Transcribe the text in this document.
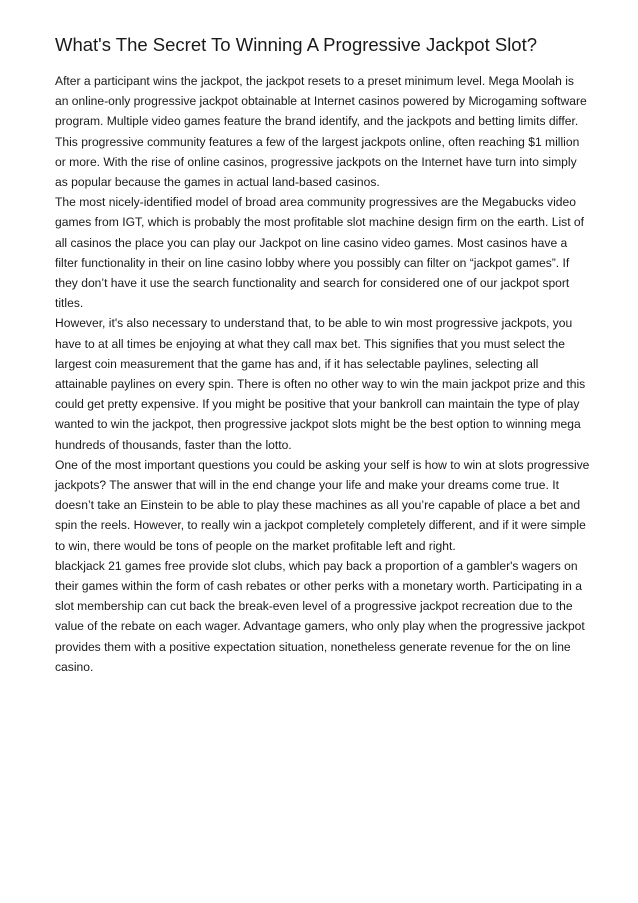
What's The Secret To Winning A Progressive Jackpot Slot?

After a participant wins the jackpot, the jackpot resets to a preset minimum level. Mega Moolah is an online-only progressive jackpot obtainable at Internet casinos powered by Microgaming software program. Multiple video games feature the brand identify, and the jackpots and betting limits differ. This progressive community features a few of the largest jackpots online, often reaching $1 million or more. With the rise of online casinos, progressive jackpots on the Internet have turn into simply as popular because the games in actual land-based casinos.

The most nicely-identified model of broad area community progressives are the Megabucks video games from IGT, which is probably the most profitable slot machine design firm on the earth. List of all casinos the place you can play our Jackpot on line casino video games. Most casinos have a filter functionality in their on line casino lobby where you possibly can filter on “jackpot games”. If they don’t have it use the search functionality and search for considered one of our jackpot sport titles.

However, it's also necessary to understand that, to be able to win most progressive jackpots, you have to at all times be enjoying at what they call max bet. This signifies that you must select the largest coin measurement that the game has and, if it has selectable paylines, selecting all attainable paylines on every spin. There is often no other way to win the main jackpot prize and this could get pretty expensive. If you might be positive that your bankroll can maintain the type of play wanted to win the jackpot, then progressive jackpot slots might be the best option to winning mega hundreds of thousands, faster than the lotto.

One of the most important questions you could be asking your self is how to win at slots progressive jackpots? The answer that will in the end change your life and make your dreams come true. It doesn’t take an Einstein to be able to play these machines as all you’re capable of place a bet and spin the reels. However, to really win a jackpot completely completely different, and if it were simple to win, there would be tons of people on the market profitable left and right.

blackjack 21 games free provide slot clubs, which pay back a proportion of a gambler's wagers on their games within the form of cash rebates or other perks with a monetary worth. Participating in a slot membership can cut back the break-even level of a progressive jackpot recreation due to the value of the rebate on each wager. Advantage gamers, who only play when the progressive jackpot provides them with a positive expectation situation, nonetheless generate revenue for the on line casino.
